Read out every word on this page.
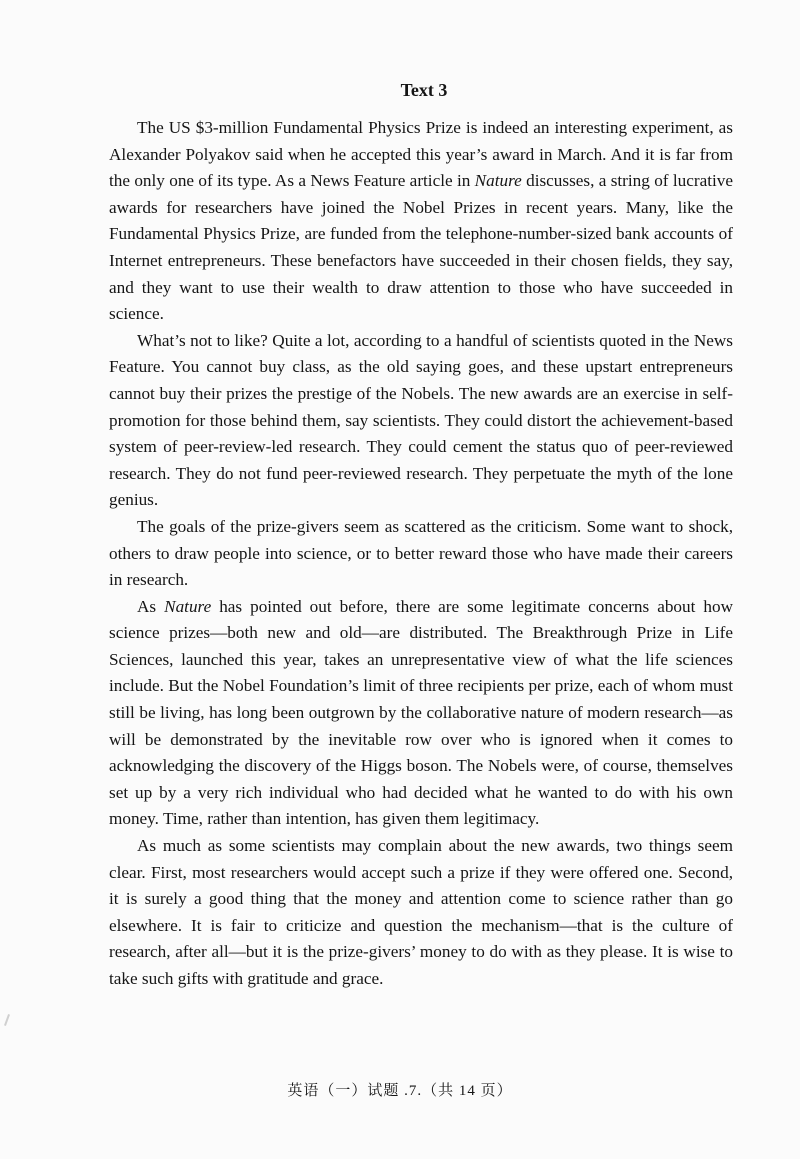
Text 3

The US $3-million Fundamental Physics Prize is indeed an interesting experiment, as Alexander Polyakov said when he accepted this year’s award in March. And it is far from the only one of its type. As a News Feature article in Nature discusses, a string of lucrative awards for researchers have joined the Nobel Prizes in recent years. Many, like the Fundamental Physics Prize, are funded from the telephone-number-sized bank accounts of Internet entrepreneurs. These benefactors have succeeded in their chosen fields, they say, and they want to use their wealth to draw attention to those who have succeeded in science.

What’s not to like? Quite a lot, according to a handful of scientists quoted in the News Feature. You cannot buy class, as the old saying goes, and these upstart entrepreneurs cannot buy their prizes the prestige of the Nobels. The new awards are an exercise in self-promotion for those behind them, say scientists. They could distort the achievement-based system of peer-review-led research. They could cement the status quo of peer-reviewed research. They do not fund peer-reviewed research. They perpetuate the myth of the lone genius.

The goals of the prize-givers seem as scattered as the criticism. Some want to shock, others to draw people into science, or to better reward those who have made their careers in research.

As Nature has pointed out before, there are some legitimate concerns about how science prizes—both new and old—are distributed. The Breakthrough Prize in Life Sciences, launched this year, takes an unrepresentative view of what the life sciences include. But the Nobel Foundation’s limit of three recipients per prize, each of whom must still be living, has long been outgrown by the collaborative nature of modern research—as will be demonstrated by the inevitable row over who is ignored when it comes to acknowledging the discovery of the Higgs boson. The Nobels were, of course, themselves set up by a very rich individual who had decided what he wanted to do with his own money. Time, rather than intention, has given them legitimacy.

As much as some scientists may complain about the new awards, two things seem clear. First, most researchers would accept such a prize if they were offered one. Second, it is surely a good thing that the money and attention come to science rather than go elsewhere. It is fair to criticize and question the mechanism—that is the culture of research, after all—but it is the prize-givers’ money to do with as they please. It is wise to take such gifts with gratitude and grace.

英语（一）试题 .7.（共 14 页）
